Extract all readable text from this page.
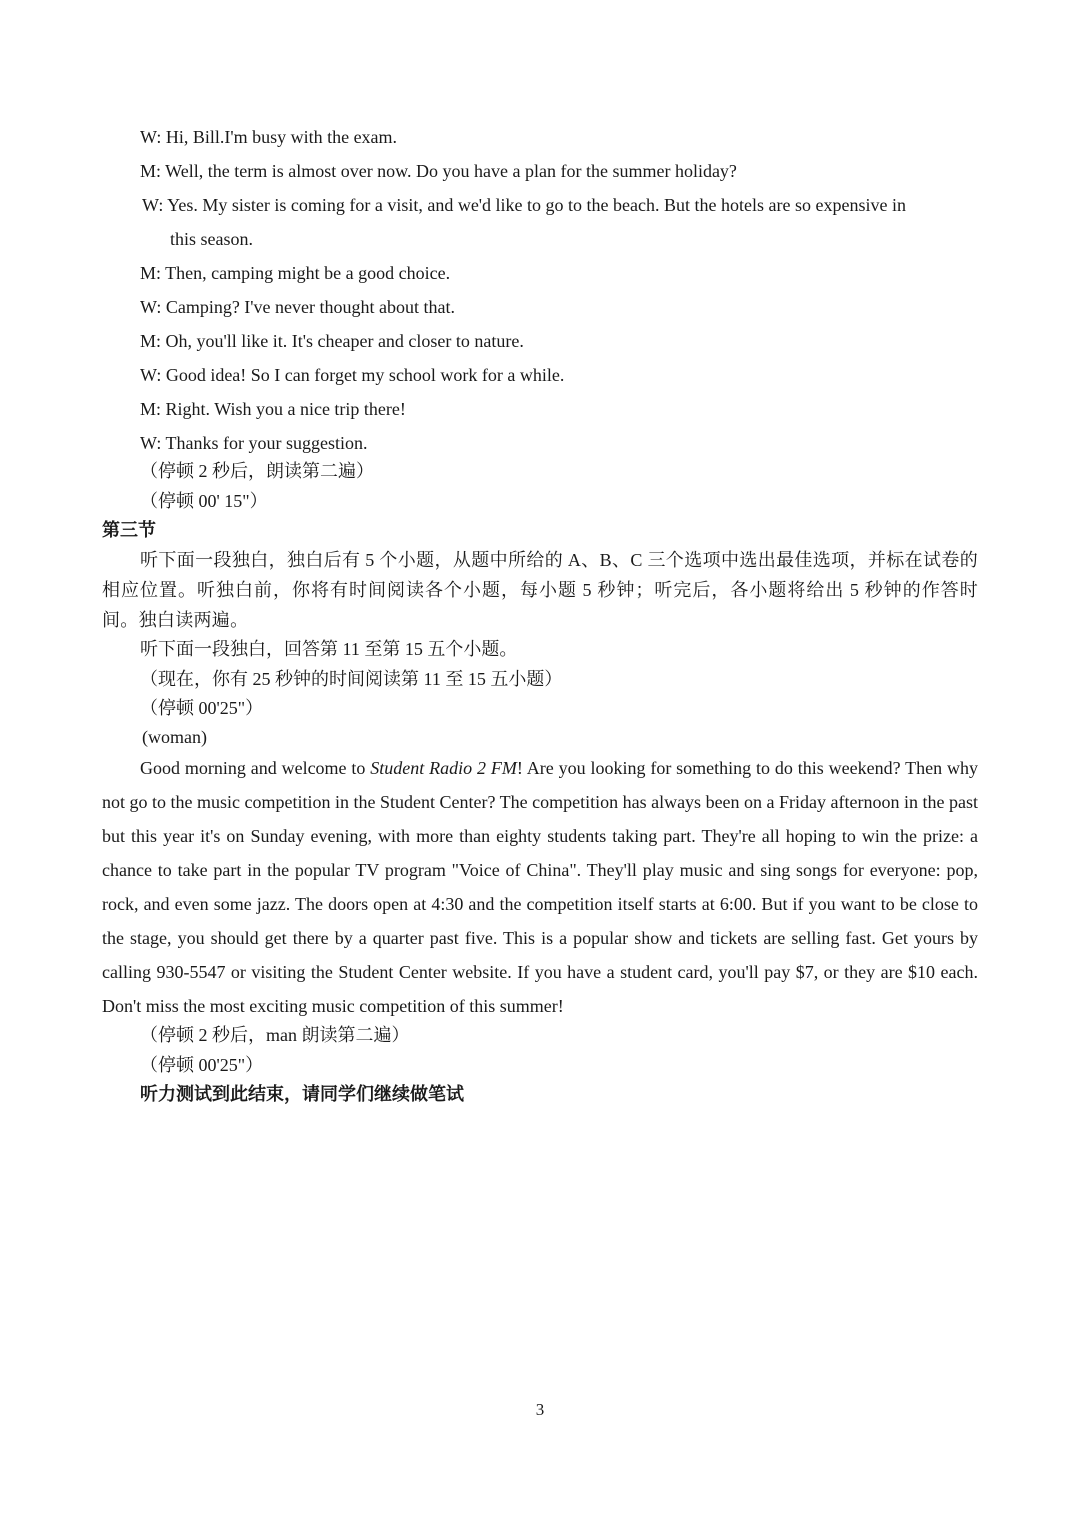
W: Hi, Bill.I'm busy with the exam.
M: Well, the term is almost over now. Do you have a plan for the summer holiday?
W: Yes. My sister is coming for a visit, and we'd like to go to the beach. But the hotels are so expensive in
this season.
M: Then, camping might be a good choice.
W: Camping? I've never thought about that.
M: Oh, you'll like it. It's cheaper and closer to nature.
W: Good idea! So I can forget my school work for a while.
M: Right. Wish you a nice trip there!
W: Thanks for your suggestion.
（停顿 2 秒后，朗读第二遍）
（停顿 00' 15"）
第三节
听下面一段独白，独白后有 5 个小题，从题中所给的 A、B、C 三个选项中选出最佳选项，并标在试卷的相应位置。听独白前，你将有时间阅读各个小题，每小题 5 秒钟；听完后，各小题将给出 5 秒钟的作答时间。独白读两遍。
听下面一段独白，回答第 11 至第 15 五个小题。
（现在，你有 25 秒钟的时间阅读第 11 至 15 五小题）
（停顿 00'25"）
(woman)
Good morning and welcome to Student Radio 2 FM! Are you looking for something to do this weekend? Then why not go to the music competition in the Student Center? The competition has always been on a Friday afternoon in the past but this year it's on Sunday evening, with more than eighty students taking part. They're all hoping to win the prize: a chance to take part in the popular TV program "Voice of China". They'll play music and sing songs for everyone: pop, rock, and even some jazz. The doors open at 4:30 and the competition itself starts at 6:00. But if you want to be close to the stage, you should get there by a quarter past five. This is a popular show and tickets are selling fast. Get yours by calling 930-5547 or visiting the Student Center website. If you have a student card, you'll pay $7, or they are $10 each. Don't miss the most exciting music competition of this summer!
（停顿 2 秒后，man 朗读第二遍）
（停顿 00'25"）
听力测试到此结束，请同学们继续做笔试
3
